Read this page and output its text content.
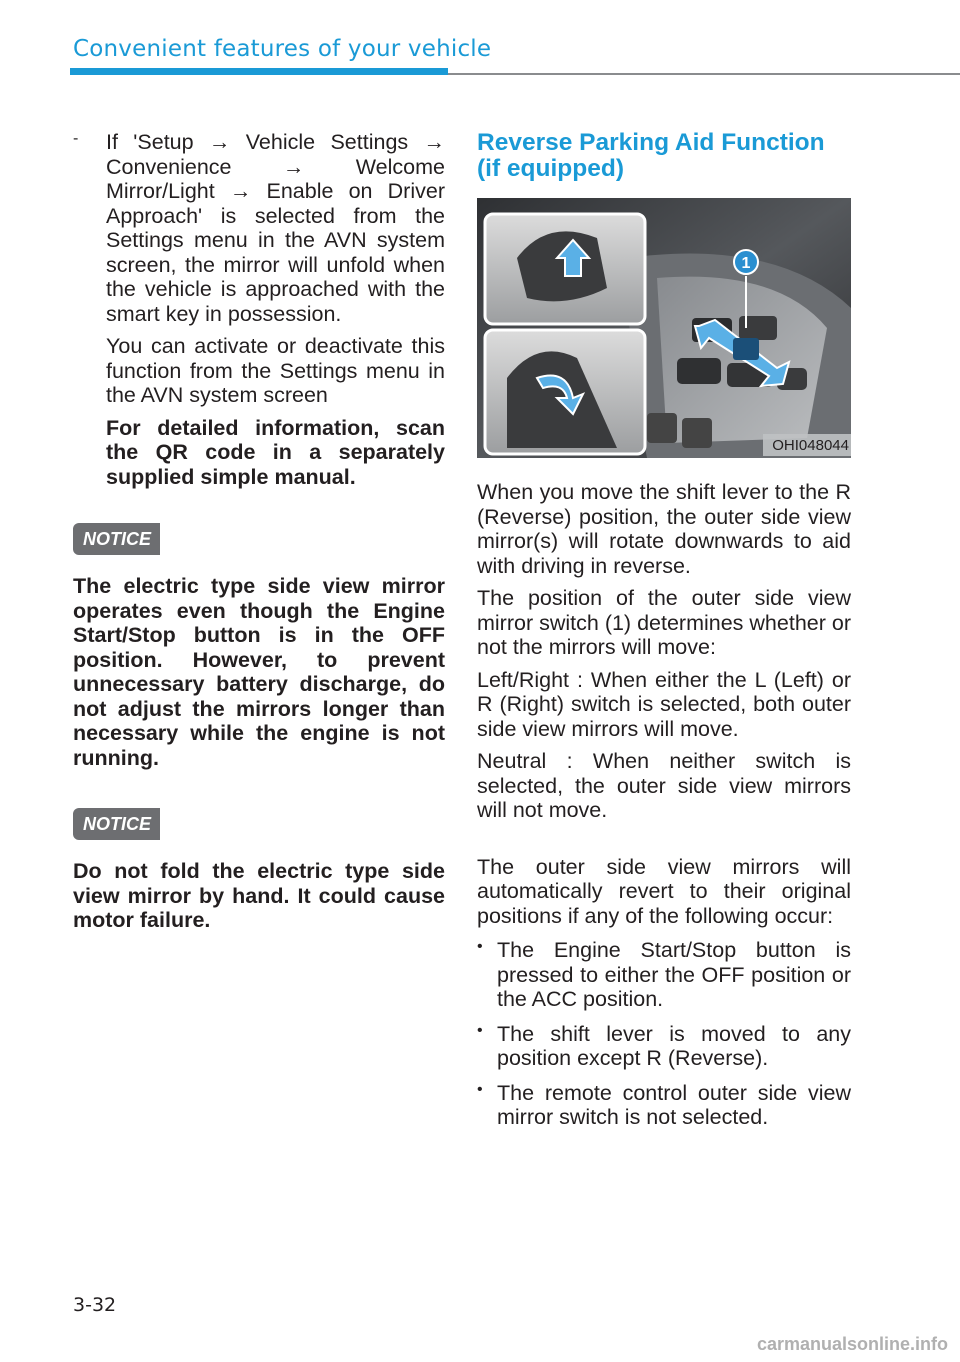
Convenient features of your vehicle
- If 'Setup → Vehicle Settings → Convenience → Welcome Mirror/Light → Enable on Driver Approach' is selected from the Settings menu in the AVN system screen, the mirror will unfold when the vehicle is approached with the smart key in possession.

You can activate or deactivate this function from the Settings menu in the AVN system screen

For detailed information, scan the QR code in a separately supplied simple manual.

NOTICE

The electric type side view mirror operates even though the Engine Start/Stop button is in the OFF position. However, to prevent unnecessary battery discharge, do not adjust the mirrors longer than necessary while the engine is not running.

NOTICE

Do not fold the electric type side view mirror by hand. It could cause motor failure.

Reverse Parking Aid Function

(if equipped)

1
OHI048044

When you move the shift lever to the R (Reverse) position, the outer side view mirror(s) will rotate downwards to aid with driving in reverse.

The position of the outer side view mirror switch (1) determines whether or not the mirrors will move:

Left/Right : When either the L (Left) or R (Right) switch is selected, both outer side view mirrors will move.

Neutral : When neither switch is selected, the outer side view mirrors will not move.

The outer side view mirrors will automatically revert to their original positions if any of the following occur:

• The Engine Start/Stop button is pressed to either the OFF position or the ACC position.

• The shift lever is moved to any position except R (Reverse).

• The remote control outer side view mirror switch is not selected.

3-32
carmanualsonline.info
